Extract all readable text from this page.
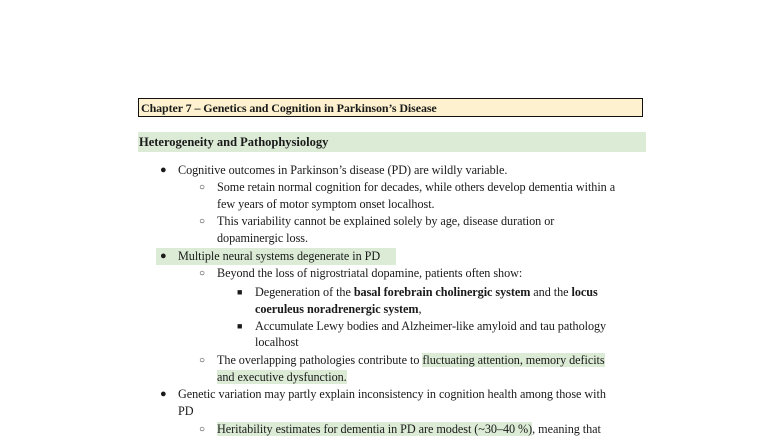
Chapter 7 – Genetics and Cognition in Parkinson’s Disease
Heterogeneity and Pathophysiology
● Cognitive outcomes in Parkinson’s disease (PD) are wildly variable.
○ Some retain normal cognition for decades, while others develop dementia within a
few years of motor symptom onset localhost.
○ This variability cannot be explained solely by age, disease duration or
dopaminergic loss.
● Multiple neural systems degenerate in PD
○ Beyond the loss of nigrostriatal dopamine, patients often show:
■ Degeneration of the basal forebrain cholinergic system and the locus
coeruleus noradrenergic system,
■ Accumulate Lewy bodies and Alzheimer-like amyloid and tau pathology
localhost
○ The overlapping pathologies contribute to fluctuating attention, memory deficits
and executive dysfunction.
● Genetic variation may partly explain inconsistency in cognition health among those with
PD
○ Heritability estimates for dementia in PD are modest (~30–40 %), meaning that
